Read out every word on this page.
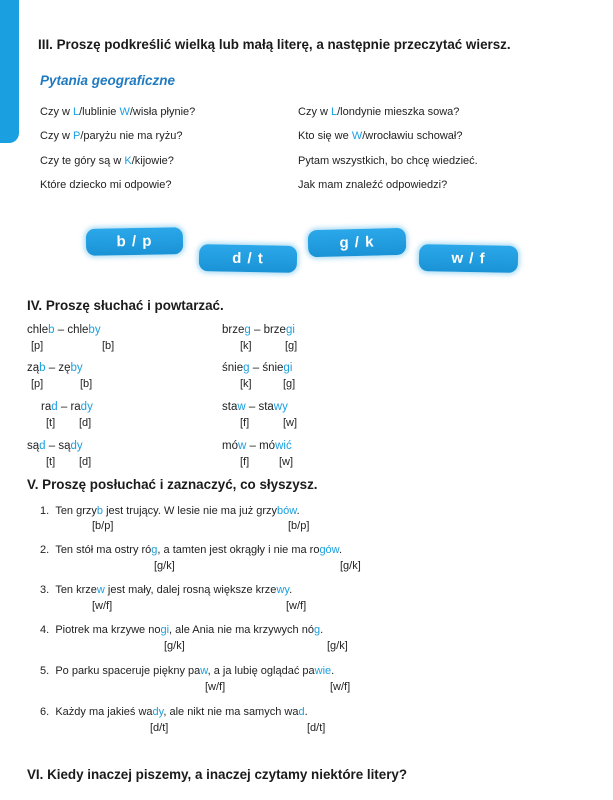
III. Proszę podkreślić wielką lub małą literę, a następnie przeczytać wiersz.
Pytania geograficzne
Czy w L/lublinie W/wisła płynie?
Czy w P/paryżu nie ma ryżu?
Czy te góry są w K/kijowie?
Które dziecko mi odpowie?
Czy w L/londynie mieszka sowa?
Kto się we W/wrocławiu schował?
Pytam wszystkich, bo chcę wiedzieć.
Jak mam znaleźć odpowiedzi?
b / p
d / t
g / k
w / f
IV. Proszę słuchać i powtarzać.
chleb – chleby
[p]	[b]
brzeg – brzegi
[k]	[g]
ząb – zęby
[p]	[b]
śnieg – śniegi
[k]	[g]
rad – rady
[t] [d]
staw – stawy
[f]	[w]
sąd – sądy
[t] [d]
mów – mówić
[f]	[w]
V. Proszę posłuchać i zaznaczyć, co słyszysz.
1. Ten grzyb jest trujący. W lesie nie ma już grzybów.
[b/p]	[b/p]
2. Ten stół ma ostry róg, a tamten jest okrągły i nie ma rogów.
[g/k]	[g/k]
3. Ten krzew jest mały, dalej rosną większe krzewy.
[w/f]	[w/f]
4. Piotrek ma krzywe nogi, ale Ania nie ma krzywych nóg.
[g/k]	[g/k]
5. Po parku spaceruje piękny paw, a ja lubię oglądać pawie.
[w/f]	[w/f]
6. Każdy ma jakieś wady, ale nikt nie ma samych wad.
[d/t]	[d/t]
VI. Kiedy inaczej piszemy, a inaczej czytamy niektóre litery?
